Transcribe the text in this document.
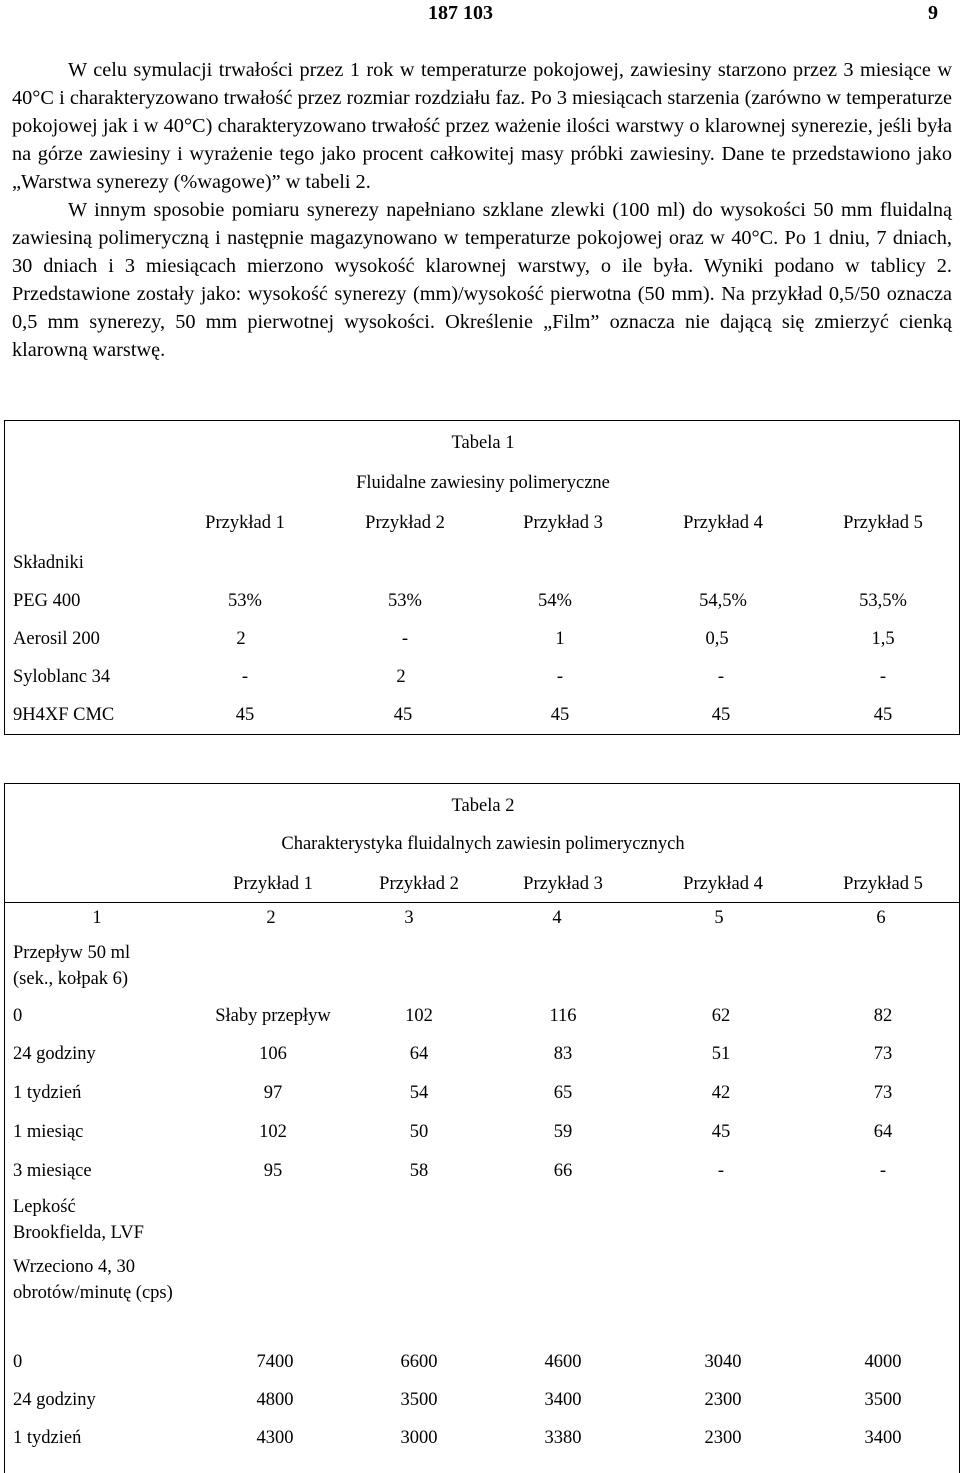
187 103	9

W celu symulacji trwałości przez 1 rok w temperaturze pokojowej, zawiesiny starzono przez 3 miesiące w 40°C i charakteryzowano trwałość przez rozmiar rozdziału faz. Po 3 miesiącach starzenia (zarówno w temperaturze pokojowej jak i w 40°C) charakteryzowano trwałość przez ważenie ilości warstwy o klarownej synerezie, jeśli była na górze zawiesiny i wyrażenie tego jako procent całkowitej masy próbki zawiesiny. Dane te przedstawiono jako „Warstwa synerezy (%wagowe)” w tabeli 2.

W innym sposobie pomiaru synerezy napełniano szklane zlewki (100 ml) do wysokości 50 mm fluidalną zawiesiną polimeryczną i następnie magazynowano w temperaturze pokojowej oraz w 40°C. Po 1 dniu, 7 dniach, 30 dniach i 3 miesiącach mierzono wysokość klarownej warstwy, o ile była. Wyniki podano w tablicy 2. Przedstawione zostały jako: wysokość synerezy (mm)/wysokość pierwotna (50 mm). Na przykład 0,5/50 oznacza 0,5 mm synerezy, 50 mm pierwotnej wysokości. Określenie „Film” oznacza nie dającą się zmierzyć cienką klarowną warstwę.

Tabela 1
Fluidalne zawiesiny polimeryczne
Przykład 1	Przykład 2	Przykład 3	Przykład 4	Przykład 5
Składniki
PEG 400	53%	53%	54%	54,5%	53,5%
Aerosil 200	2	-	1	0,5	1,5
Syloblanc 34	-	2	-	-	-
9H4XF CMC	45	45	45	45	45
Tabela 2
Charakterystyka fluidalnych zawiesin polimerycznych
Przykład 1	Przykład 2	Przykład 3	Przykład 4	Przykład 5
1	2	3	4	5	6
Przepływ 50 ml (sek., kołpak 6)
0	Słaby przepływ	102	116	62	82
24 godziny	106	64	83	51	73
1 tydzień	97	54	65	42	73
1 miesiąc	102	50	59	45	64
3 miesiące	95	58	66	-	-
Lepkość Brookfielda, LVF
Wrzeciono 4, 30 obrotów/minutę (cps)
0	7400	6600	4600	3040	4000
24 godziny	4800	3500	3400	2300	3500
1 tydzień	4300	3000	3380	2300	3400
